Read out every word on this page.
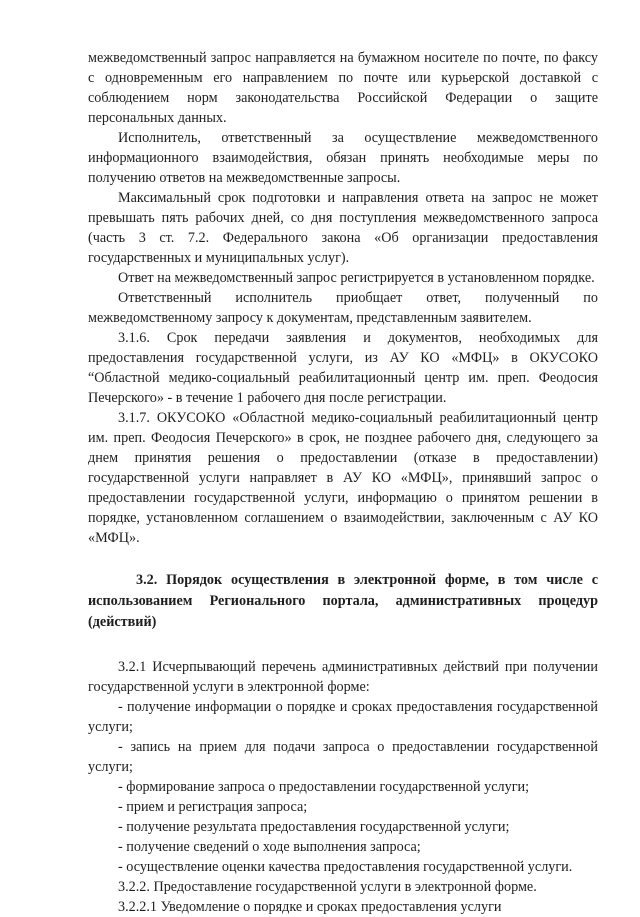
межведомственный запрос направляется на бумажном носителе по почте, по факсу с одновременным его направлением по почте или курьерской доставкой с соблюдением норм законодательства Российской Федерации о защите персональных данных.

Исполнитель, ответственный за осуществление межведомственного информационного взаимодействия, обязан принять необходимые меры по получению ответов на межведомственные запросы.

Максимальный срок подготовки и направления ответа на запрос не может превышать пять рабочих дней, со дня поступления межведомственного запроса (часть 3 ст. 7.2. Федерального закона «Об организации предоставления государственных и муниципальных услуг).

Ответ на межведомственный запрос регистрируется в установленном порядке.

Ответственный исполнитель приобщает ответ, полученный по межведомственному запросу к документам, представленным заявителем.

3.1.6. Срок передачи заявления и документов, необходимых для предоставления государственной услуги, из АУ КО «МФЦ» в ОКУСОКО “Областной медико-социальный реабилитационный центр им. преп. Феодосия Печерского» - в течение 1 рабочего дня после регистрации.

3.1.7. ОКУСОКО «Областной медико-социальный реабилитационный центр им. преп. Феодосия Печерского» в срок, не позднее рабочего дня, следующего за днем принятия решения о предоставлении (отказе в предоставлении) государственной услуги направляет в АУ КО «МФЦ», принявший запрос о предоставлении государственной услуги, информацию о принятом решении в порядке, установленном соглашением о взаимодействии, заключенным с АУ КО «МФЦ».

3.2. Порядок осуществления в электронной форме, в том числе с использованием Регионального портала, административных процедур (действий)

3.2.1 Исчерпывающий перечень административных действий при получении государственной услуги в электронной форме:

- получение информации о порядке и сроках предоставления государственной услуги;

- запись на прием для подачи запроса о предоставлении государственной услуги;

- формирование запроса о предоставлении государственной услуги;

- прием и регистрация запроса;

- получение результата предоставления государственной услуги;

- получение сведений о ходе выполнения запроса;

- осуществление оценки качества предоставления государственной услуги.

3.2.2. Предоставление государственной услуги в электронной форме.

3.2.2.1 Уведомление о порядке и сроках предоставления услуги
